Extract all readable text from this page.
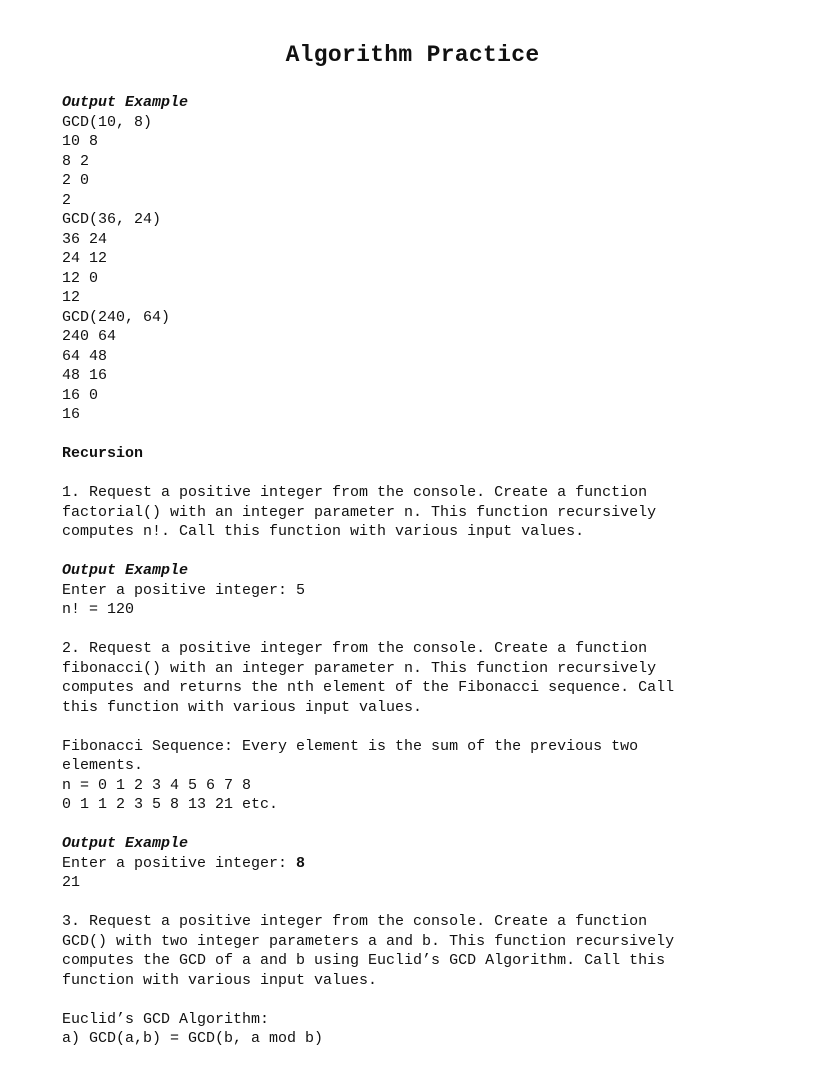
Algorithm Practice
Output Example
GCD(10, 8)
10 8
8 2
2 0
2
GCD(36, 24)
36 24
24 12
12 0
12
GCD(240, 64)
240 64
64 48
48 16
16 0
16
Recursion
1. Request a positive integer from the console. Create a function
factorial() with an integer parameter n. This function recursively
computes n!. Call this function with various input values.
Output Example
Enter a positive integer: 5
n! = 120
2. Request a positive integer from the console. Create a function
fibonacci() with an integer parameter n. This function recursively
computes and returns the nth element of the Fibonacci sequence. Call
this function with various input values.
Fibonacci Sequence: Every element is the sum of the previous two
elements.
n = 0 1 2 3 4 5 6 7 8
0 1 1 2 3 5 8 13 21 etc.
Output Example
Enter a positive integer: 8
21
3. Request a positive integer from the console. Create a function
GCD() with two integer parameters a and b. This function recursively
computes the GCD of a and b using Euclid’s GCD Algorithm. Call this
function with various input values.
Euclid’s GCD Algorithm:
a) GCD(a,b) = GCD(b, a mod b)
